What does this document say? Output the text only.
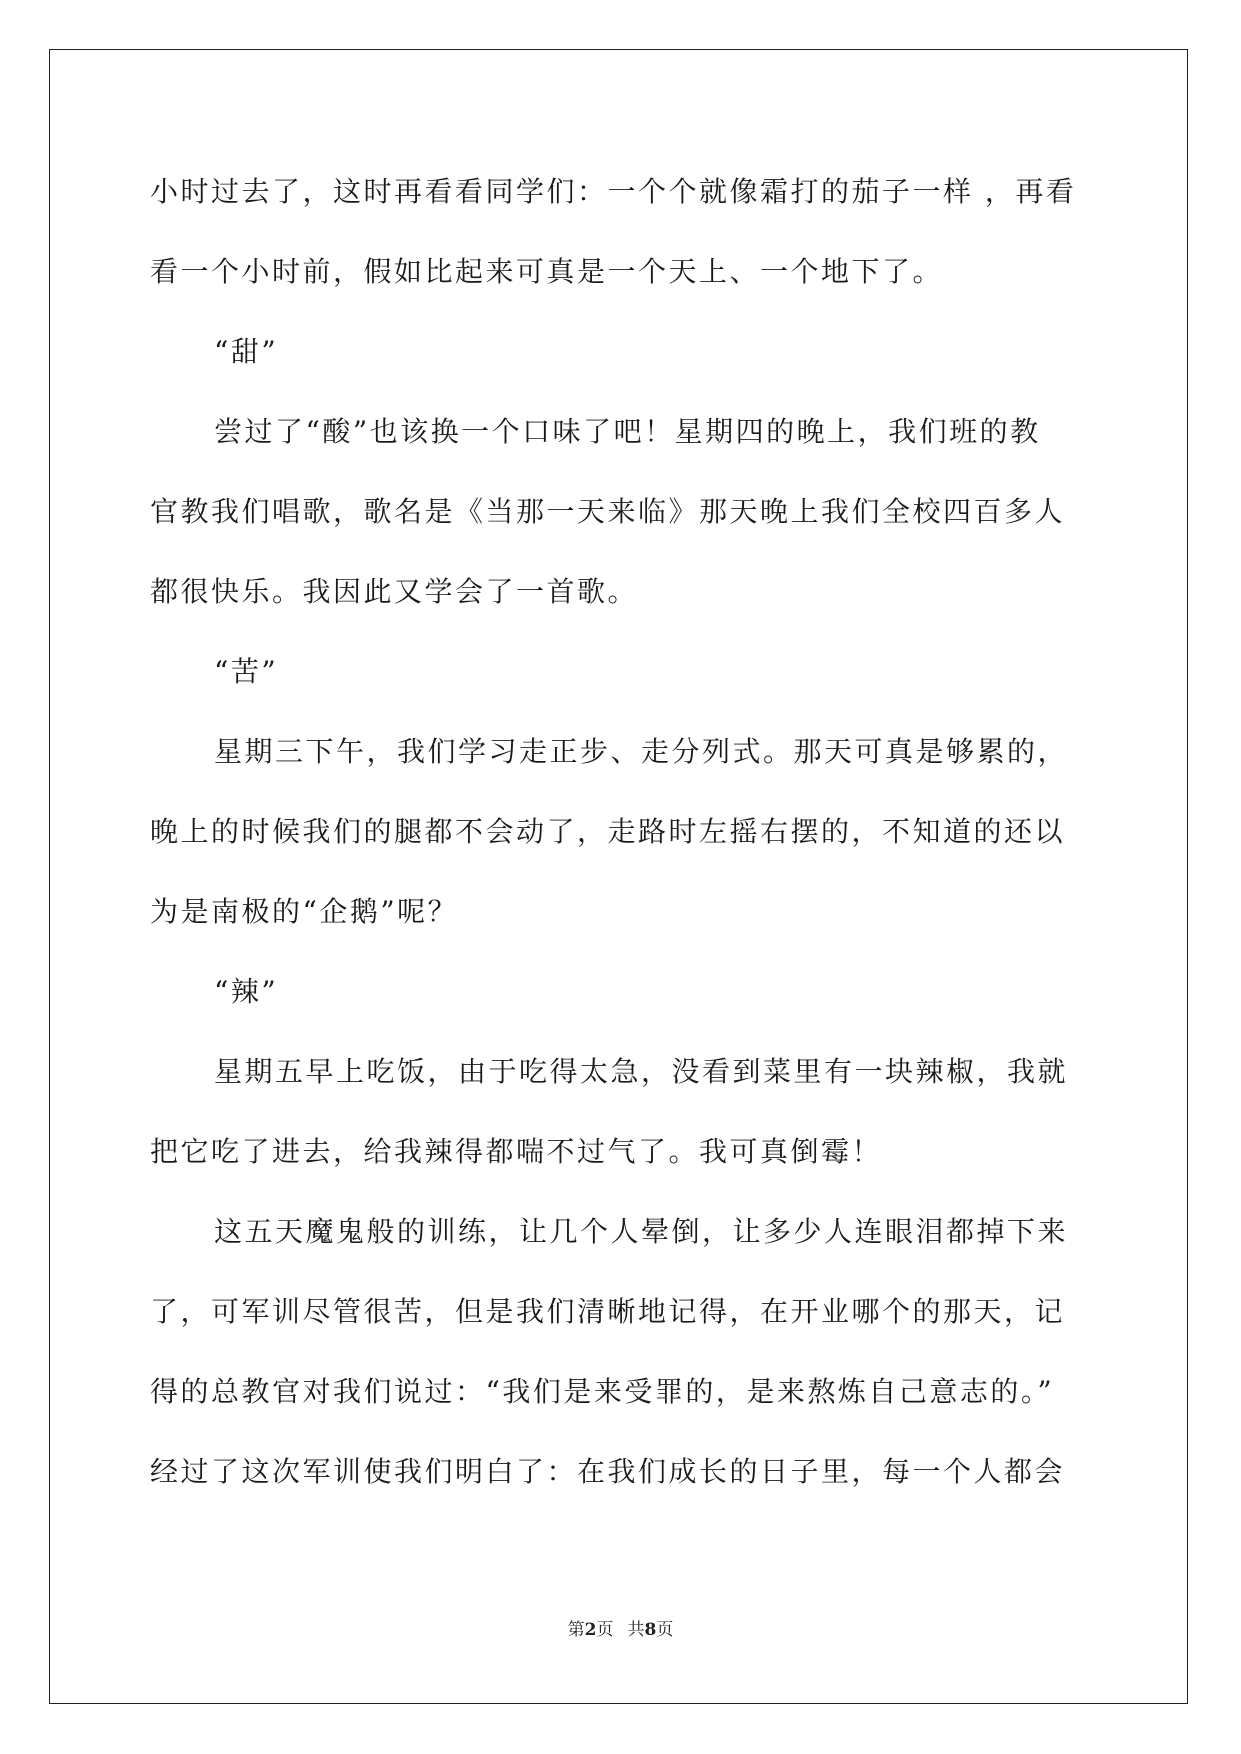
小时过去了，这时再看看同学们：一个个就像霜打的茄子一样 ，再看
看一个小时前，假如比起来可真是一个天上、一个地下了。
“甜”
尝过了“酸”也该换一个口味了吧！星期四的晚上，我们班的教
官教我们唱歌，歌名是《当那一天来临》那天晚上我们全校四百多人
都很快乐。我因此又学会了一首歌。
“苦”
星期三下午，我们学习走正步、走分列式。那天可真是够累的，
晚上的时候我们的腿都不会动了，走路时左摇右摆的，不知道的还以
为是南极的“企鹅”呢？
“辣”
星期五早上吃饭，由于吃得太急，没看到菜里有一块辣椒，我就
把它吃了进去，给我辣得都喘不过气了。我可真倒霉！
这五天魔鬼般的训练，让几个人晕倒，让多少人连眼泪都掉下来
了，可军训尽管很苦，但是我们清晰地记得，在开业哪个的那天，记
得的总教官对我们说过：“我们是来受罪的，是来熬炼自己意志的。”
经过了这次军训使我们明白了：在我们成长的日子里，每一个人都会
第2页 共8页
